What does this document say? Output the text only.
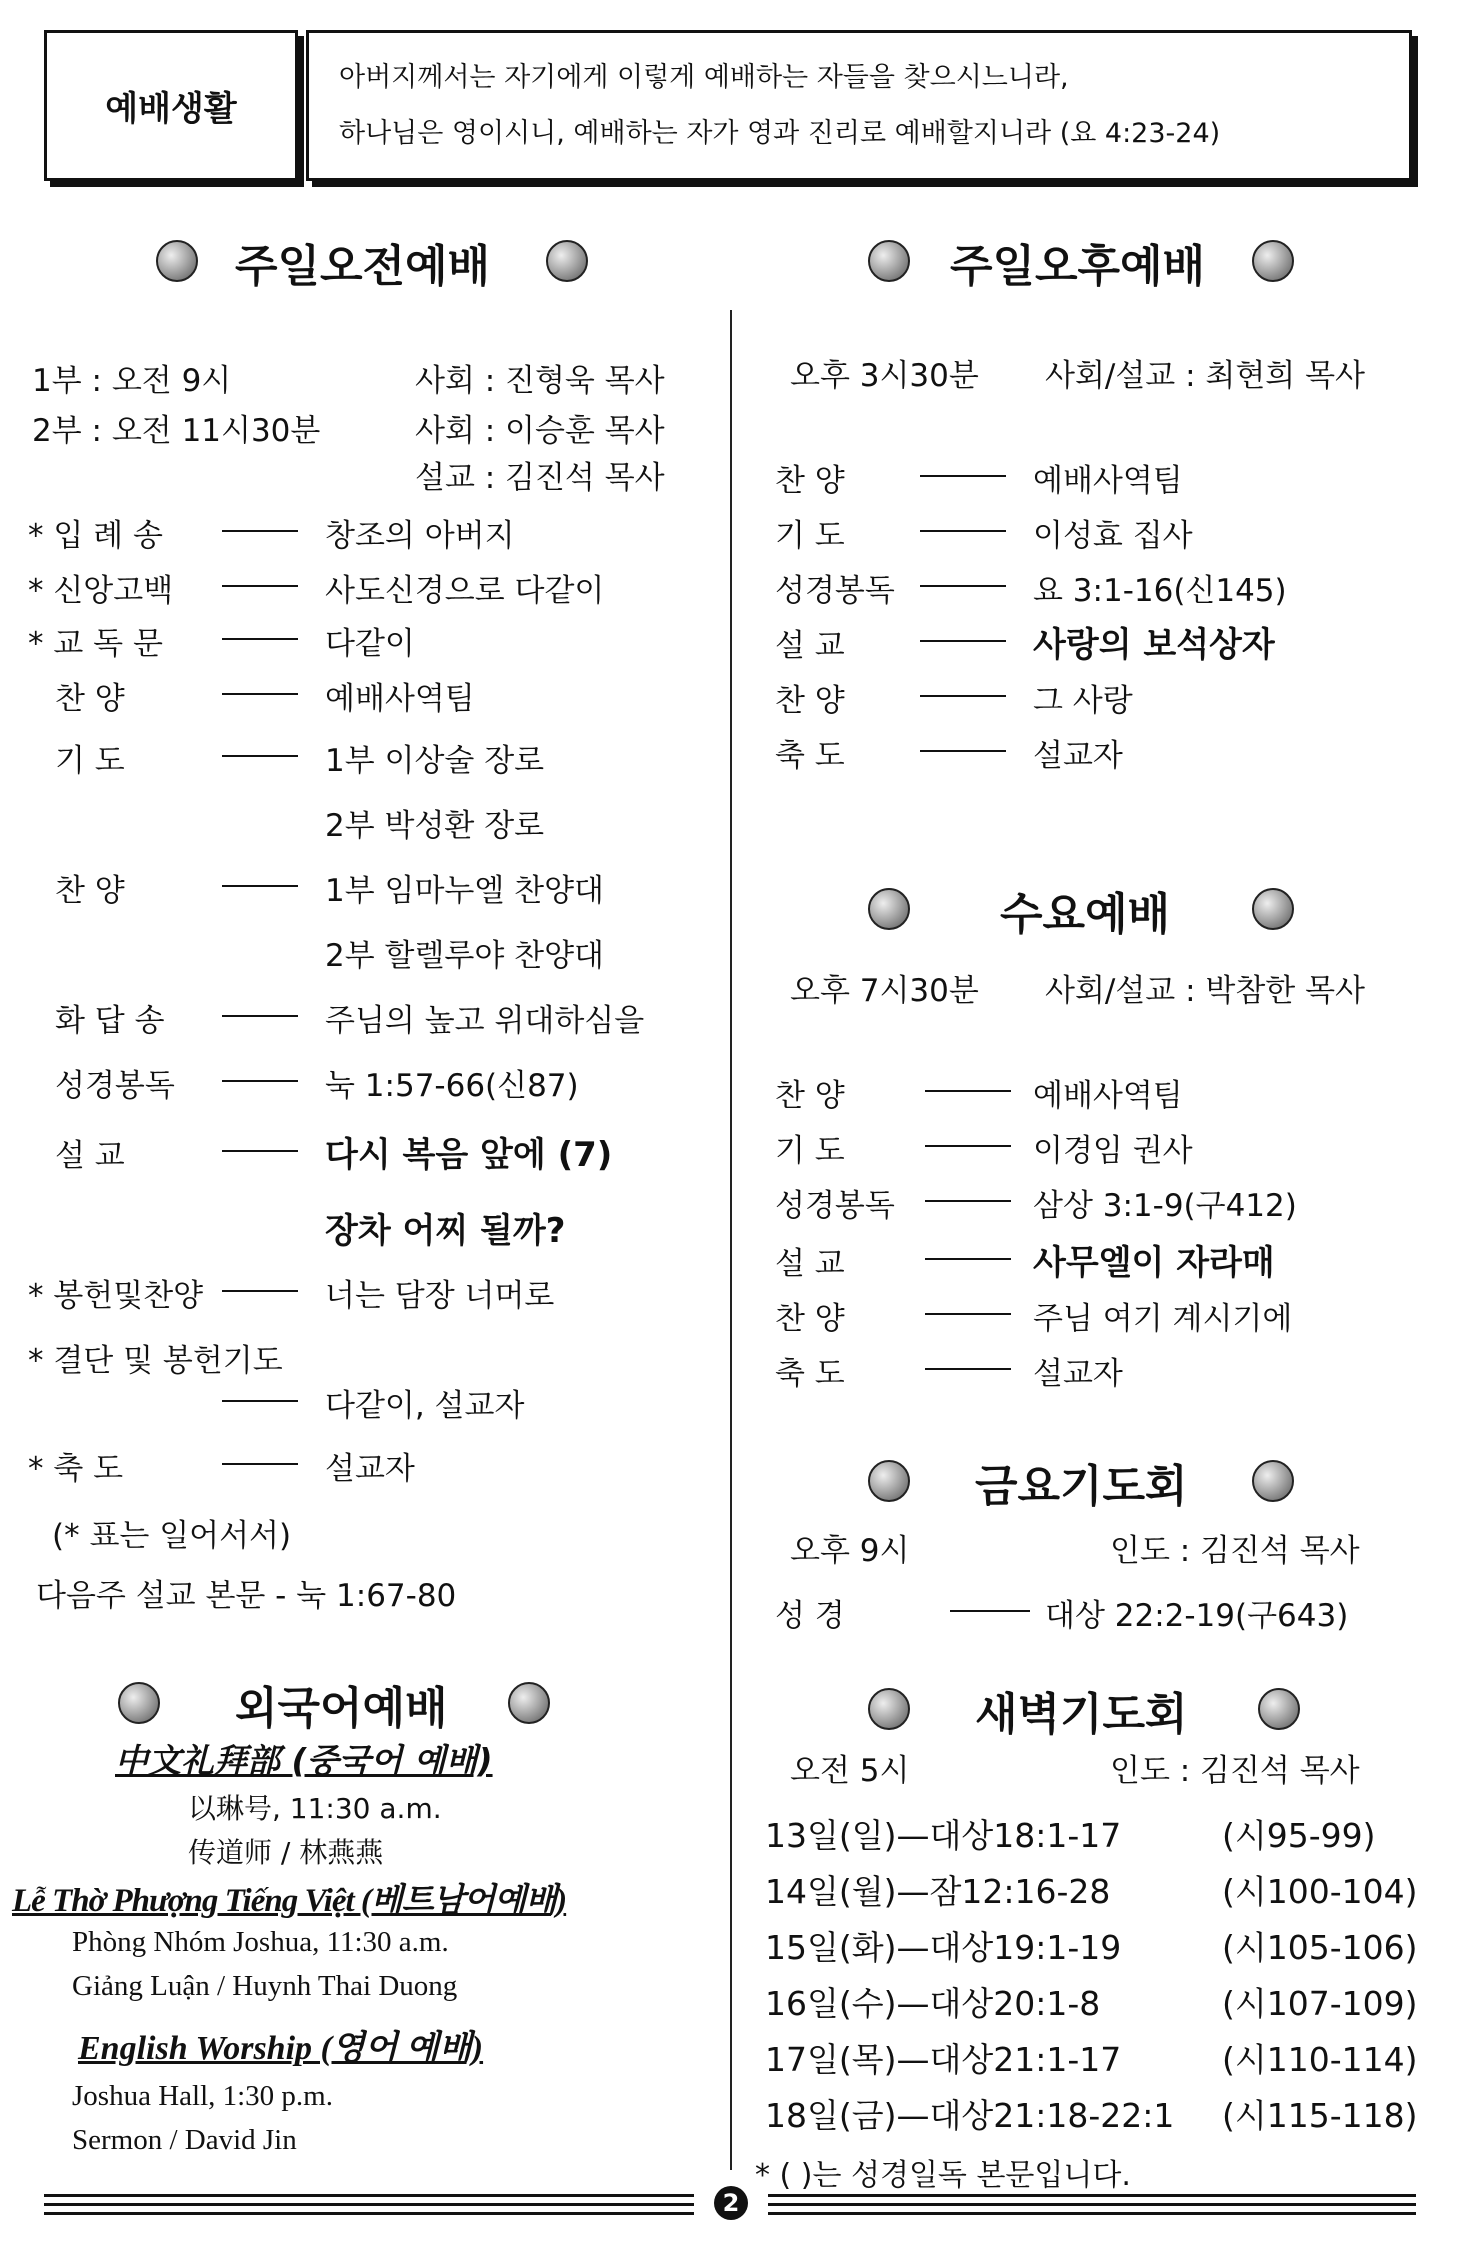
예배생활
아버지께서는 자기에게 이렇게 예배하는 자들을 찾으시느니라,
하나님은 영이시니, 예배하는 자가 영과 진리로 예배할지니라 (요 4:23-24)
주일오전예배
1부 : 오전 9시	사회 : 진형욱 목사
2부 : 오전 11시30분	사회 : 이승훈 목사
설교 : 김진석 목사
* 입 례 송	창조의 아버지
* 신앙고백	사도신경으로 다같이
* 교 독 문	다같이
찬 양	예배사역팀
기 도	1부 이상술 장로
2부 박성환 장로
찬 양	1부 임마누엘 찬양대
2부 할렐루야 찬양대
화 답 송	주님의 높고 위대하심을
성경봉독	눅 1:57-66(신87)
설 교	다시 복음 앞에 (7)
장차 어찌 될까?
* 봉헌및찬양	너는 담장 너머로
* 결단 및 봉헌기도
다같이, 설교자
* 축 도	설교자
(* 표는 일어서서)
다음주 설교 본문 - 눅 1:67-80
외국어예배
中文礼拜部 (중국어 예배)
以琳号, 11:30 a.m.
传道师 / 林燕燕
Lễ Thờ Phượng Tiếng Việt (베트남어예배)
Phòng Nhóm Joshua, 11:30 a.m.
Giảng Luận / Huynh Thai Duong
English Worship (영어 예배)
Joshua Hall, 1:30 p.m.
Sermon / David Jin
주일오후예배
오후 3시30분 사회/설교 : 최현희 목사
찬 양	예배사역팀
기 도	이성효 집사
성경봉독	요 3:1-16(신145)
설 교	사랑의 보석상자
찬 양	그 사랑
축 도	설교자
수요예배
오후 7시30분 사회/설교 : 박참한 목사
찬 양	예배사역팀
기 도	이경임 권사
성경봉독	삼상 3:1-9(구412)
설 교	사무엘이 자라매
찬 양	주님 여기 계시기에
축 도	설교자
금요기도회
오후 9시	인도 : 김진석 목사
성 경	대상 22:2-19(구643)
새벽기도회
오전 5시	인도 : 김진석 목사
13일(일)—대상18:1-17	(시95-99)
14일(월)—잠12:16-28	(시100-104)
15일(화)—대상19:1-19	(시105-106)
16일(수)—대상20:1-8	(시107-109)
17일(목)—대상21:1-17	(시110-114)
18일(금)—대상21:18-22:1 (시115-118)
* ( )는 성경일독 본문입니다.
2
